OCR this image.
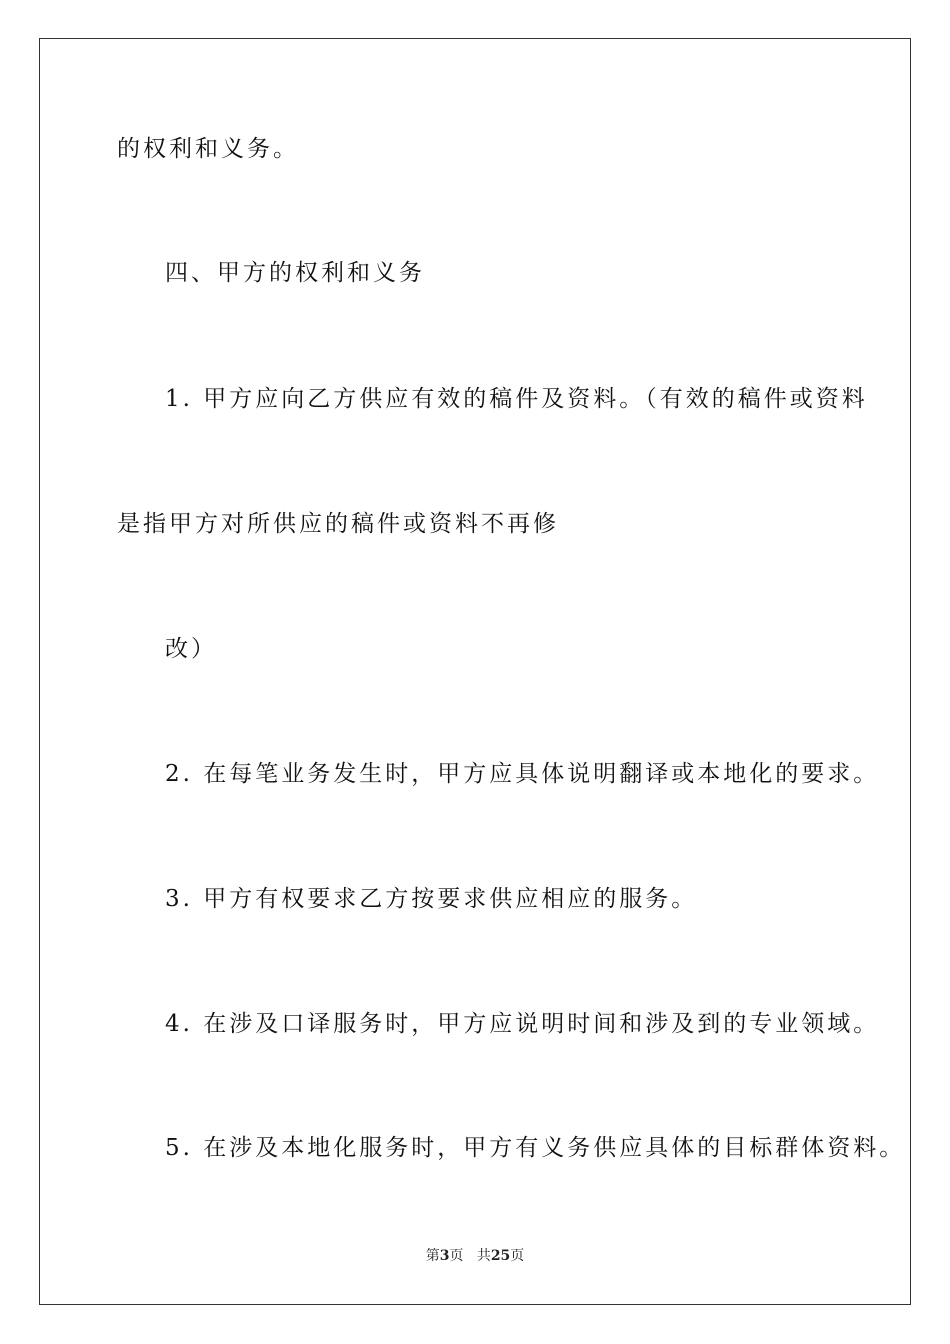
的权利和义务。
四、甲方的权利和义务
1. 甲方应向乙方供应有效的稿件及资料。（有效的稿件或资料
是指甲方对所供应的稿件或资料不再修
改）
2. 在每笔业务发生时，甲方应具体说明翻译或本地化的要求。
3. 甲方有权要求乙方按要求供应相应的服务。
4. 在涉及口译服务时，甲方应说明时间和涉及到的专业领域。
5. 在涉及本地化服务时，甲方有义务供应具体的目标群体资料。
第3页 共25页
